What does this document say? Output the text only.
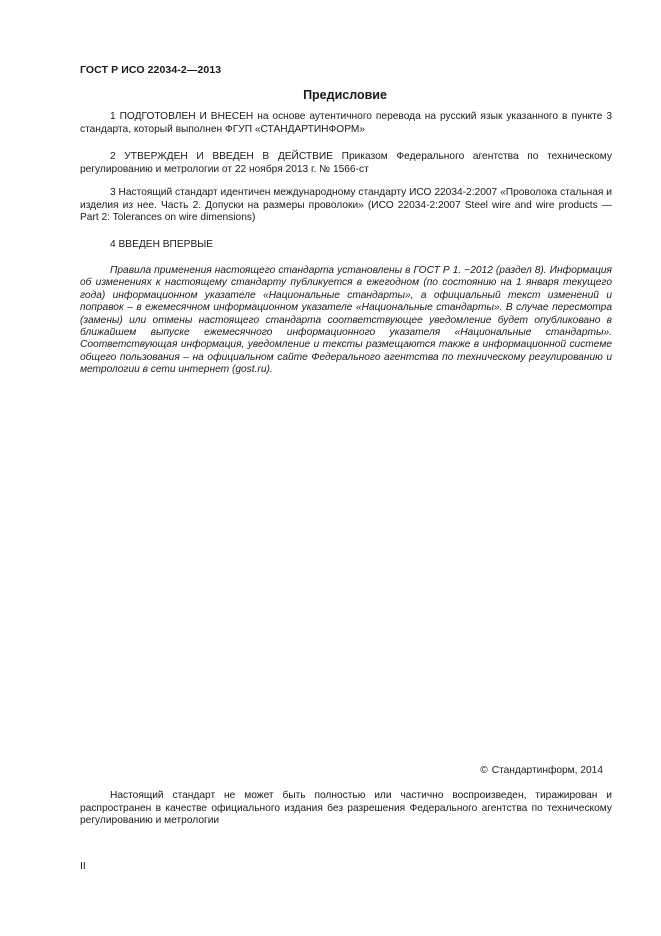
ГОСТ Р ИСО 22034-2—2013
Предисловие

1 ПОДГОТОВЛЕН И ВНЕСЕН на основе аутентичного перевода на русский язык указанного в пункте 3 стандарта, который выполнен ФГУП «СТАНДАРТИНФОРМ»

2 УТВЕРЖДЕН И ВВЕДЕН В ДЕЙСТВИЕ Приказом Федерального агентства по техническому регулированию и метрологии от 22 ноября 2013 г. № 1566-ст

3 Настоящий стандарт идентичен международному стандарту ИСО 22034-2:2007 «Проволока стальная и изделия из нее. Часть 2. Допуски на размеры проволоки» (ИСО 22034-2:2007 Steel wire and wire products — Part 2: Tolerances on wire dimensions)

4 ВВЕДЕН ВПЕРВЫЕ

Правила применения настоящего стандарта установлены в ГОСТ Р 1. −2012 (раздел 8). Информация об изменениях к настоящему стандарту публикуется в ежегодном (по состоянию на 1 января текущего года) информационном указателе «Национальные стандарты», а официальный текст изменений и поправок – в ежемесячном информационном указателе «Национальные стандарты». В случае пересмотра (замены) или отмены настоящего стандарта соответствующее уведомление будет опубликовано в ближайшем выпуске ежемесячного информационного указателя «Национальные стандарты». Соответствующая информация, уведомление и тексты размещаются также в информационной системе общего пользования – на официальном сайте Федерального агентства по техническому регулированию и метрологии в сети интернет (gost.ru).

© Стандартинформ, 2014

Настоящий стандарт не может быть полностью или частично воспроизведен, тиражирован и распространен в качестве официального издания без разрешения Федерального агентства по техническому регулированию и метрологии

II
